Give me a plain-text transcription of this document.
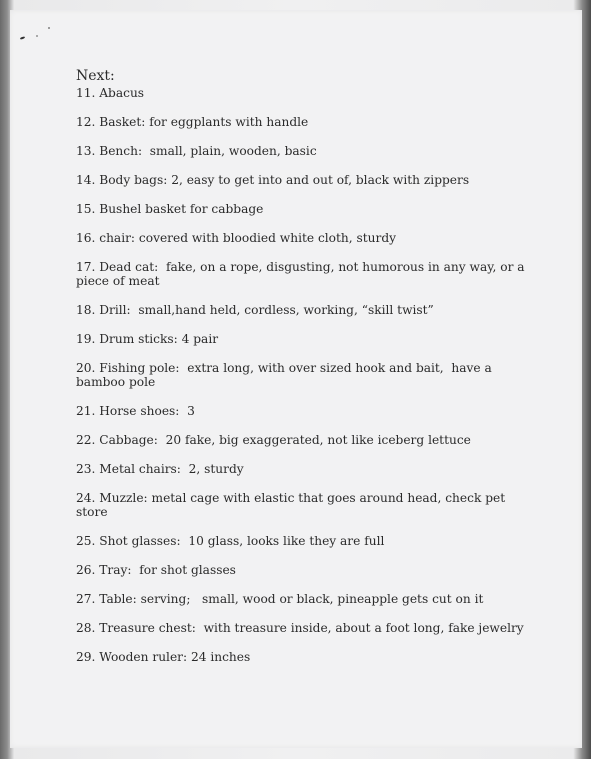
Next:
11. Abacus
12. Basket: for eggplants with handle
13. Bench:  small, plain, wooden, basic
14. Body bags: 2, easy to get into and out of, black with zippers
15. Bushel basket for cabbage
16. chair: covered with bloodied white cloth, sturdy
17. Dead cat:  fake, on a rope, disgusting, not humorous in any way, or a piece of meat
18. Drill:  small,hand held, cordless, working, “skill twist”
19. Drum sticks: 4 pair
20. Fishing pole:  extra long, with over sized hook and bait,  have a bamboo pole
21. Horse shoes:  3
22. Cabbage:  20 fake, big exaggerated, not like iceberg lettuce
23. Metal chairs:  2, sturdy
24. Muzzle: metal cage with elastic that goes around head, check pet store
25. Shot glasses:  10 glass, looks like they are full
26. Tray:  for shot glasses
27. Table: serving;   small, wood or black, pineapple gets cut on it
28. Treasure chest:  with treasure inside, about a foot long, fake jewelry
29. Wooden ruler: 24 inches
